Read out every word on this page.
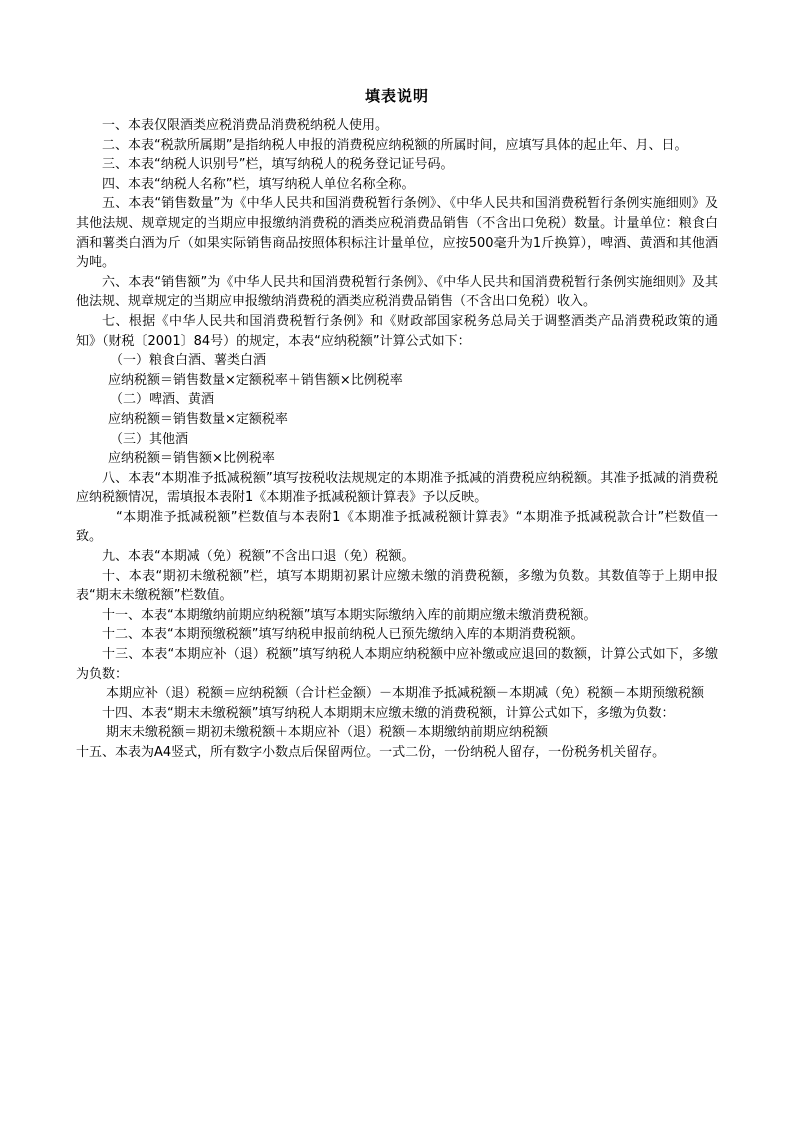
填表说明

一、本表仅限酒类应税消费品消费税纳税人使用。

二、本表“税款所属期”是指纳税人申报的消费税应纳税额的所属时间，应填写具体的起止年、月、日。

三、本表“纳税人识别号”栏，填写纳税人的税务登记证号码。

四、本表“纳税人名称”栏，填写纳税人单位名称全称。

五、本表“销售数量”为《中华人民共和国消费税暂行条例》、《中华人民共和国消费税暂行条例实施细则》及其他法规、规章规定的当期应申报缴纳消费税的酒类应税消费品销售（不含出口免税）数量。计量单位：粮食白酒和薯类白酒为斤（如果实际销售商品按照体积标注计量单位，应按500毫升为1斤换算），啤酒、黄酒和其他酒为吨。

六、本表“销售额”为《中华人民共和国消费税暂行条例》、《中华人民共和国消费税暂行条例实施细则》及其他法规、规章规定的当期应申报缴纳消费税的酒类应税消费品销售（不含出口免税）收入。

七、根据《中华人民共和国消费税暂行条例》和《财政部国家税务总局关于调整酒类产品消费税政策的通知》（财税〔2001〕84号）的规定，本表“应纳税额”计算公式如下：

（一）粮食白酒、薯类白酒

应纳税额＝销售数量×定额税率＋销售额×比例税率

（二）啤酒、黄酒

应纳税额＝销售数量×定额税率

（三）其他酒

应纳税额＝销售额×比例税率

八、本表“本期准予抵减税额”填写按税收法规规定的本期准予抵减的消费税应纳税额。其准予抵减的消费税应纳税额情况，需填报本表附1《本期准予抵减税额计算表》予以反映。

“本期准予抵减税额”栏数值与本表附1《本期准予抵减税额计算表》“本期准予抵减税款合计”栏数值一致。

九、本表“本期减（免）税额”不含出口退（免）税额。

十、本表“期初未缴税额”栏，填写本期期初累计应缴未缴的消费税额，多缴为负数。其数值等于上期申报表“期末未缴税额”栏数值。

十一、本表“本期缴纳前期应纳税额”填写本期实际缴纳入库的前期应缴未缴消费税额。

十二、本表“本期预缴税额”填写纳税申报前纳税人已预先缴纳入库的本期消费税额。

十三、本表“本期应补（退）税额”填写纳税人本期应纳税额中应补缴或应退回的数额，计算公式如下，多缴为负数：

本期应补（退）税额＝应纳税额（合计栏金额）－本期准予抵减税额－本期减（免）税额－本期预缴税额

十四、本表“期末未缴税额”填写纳税人本期期末应缴未缴的消费税额，计算公式如下，多缴为负数：

期末未缴税额＝期初未缴税额＋本期应补（退）税额－本期缴纳前期应纳税额

十五、本表为A4竖式，所有数字小数点后保留两位。一式二份，一份纳税人留存，一份税务机关留存。
